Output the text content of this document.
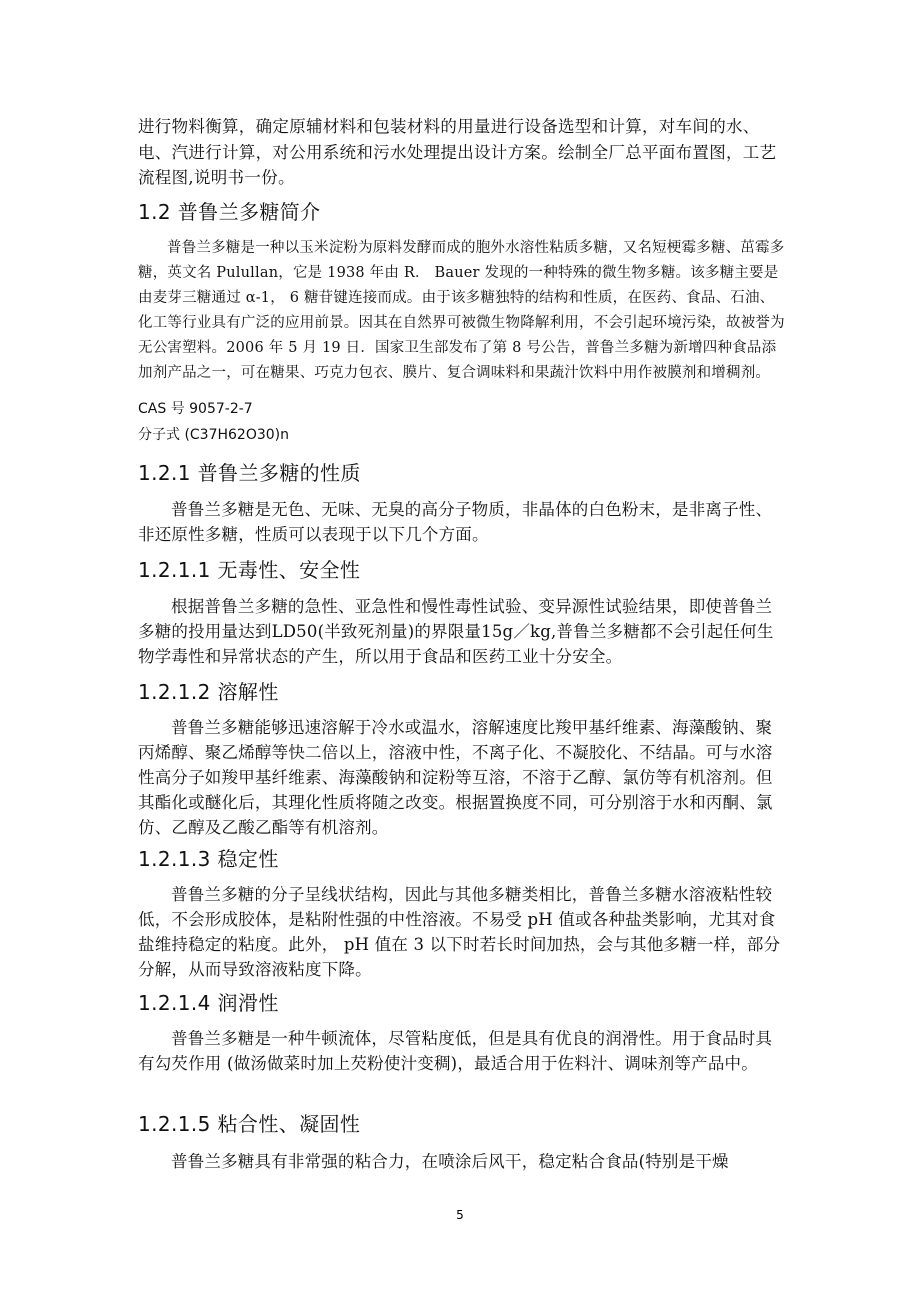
进行物料衡算，确定原辅材料和包装材料的用量进行设备选型和计算，对车间的水、电、汽进行计算，对公用系统和污水处理提出设计方案。绘制全厂总平面布置图，工艺流程图,说明书一份。

1.2 普鲁兰多糖简介

普鲁兰多糖是一种以玉米淀粉为原料发酵而成的胞外水溶性粘质多糖，又名短梗霉多糖、茁霉多糖，英文名 Pulullan，它是 1938 年由 R． Bauer 发现的一种特殊的微生物多糖。该多糖主要是由麦芽三糖通过 α-1， 6 糖苷键连接而成。由于该多糖独特的结构和性质，在医药、食品、石油、化工等行业具有广泛的应用前景。因其在自然界可被微生物降解利用，不会引起环境污染，故被誉为无公害塑料。2006 年 5 月 19 日．国家卫生部发布了第 8 号公告，普鲁兰多糖为新增四种食品添加剂产品之一，可在糖果、巧克力包衣、膜片、复合调味料和果蔬汁饮料中用作被膜剂和增稠剂。

CAS 号 9057-2-7
分子式 (C37H62O30)n
1.2.1 普鲁兰多糖的性质

普鲁兰多糖是无色、无味、无臭的高分子物质，非晶体的白色粉末，是非离子性、非还原性多糖，性质可以表现于以下几个方面。

1.2.1.1 无毒性、安全性

根据普鲁兰多糖的急性、亚急性和慢性毒性试验、变异源性试验结果，即使普鲁兰多糖的投用量达到LD50(半致死剂量)的界限量15g／kg,普鲁兰多糖都不会引起任何生物学毒性和异常状态的产生，所以用于食品和医药工业十分安全。

1.2.1.2 溶解性

普鲁兰多糖能够迅速溶解于冷水或温水，溶解速度比羧甲基纤维素、海藻酸钠、聚丙烯醇、聚乙烯醇等快二倍以上，溶液中性，不离子化、不凝胶化、不结晶。可与水溶性高分子如羧甲基纤维素、海藻酸钠和淀粉等互溶，不溶于乙醇、氯仿等有机溶剂。但其酯化或醚化后，其理化性质将随之改变。根据置换度不同，可分别溶于水和丙酮、氯仿、乙醇及乙酸乙酯等有机溶剂。

1.2.1.3 稳定性

普鲁兰多糖的分子呈线状结构，因此与其他多糖类相比，普鲁兰多糖水溶液粘性较低，不会形成胶体，是粘附性强的中性溶液。不易受 pH 值或各种盐类影响，尤其对食盐维持稳定的粘度。此外， pH 值在 3 以下时若长时间加热，会与其他多糖一样，部分分解，从而导致溶液粘度下降。

1.2.1.4 润滑性

普鲁兰多糖是一种牛顿流体，尽管粘度低，但是具有优良的润滑性。用于食品时具有勾芡作用 (做汤做菜时加上芡粉使汁变稠)，最适合用于佐料汁、调味剂等产品中。

1.2.1.5 粘合性、凝固性

普鲁兰多糖具有非常强的粘合力，在喷涂后风干，稳定粘合食品(特别是干燥

5
